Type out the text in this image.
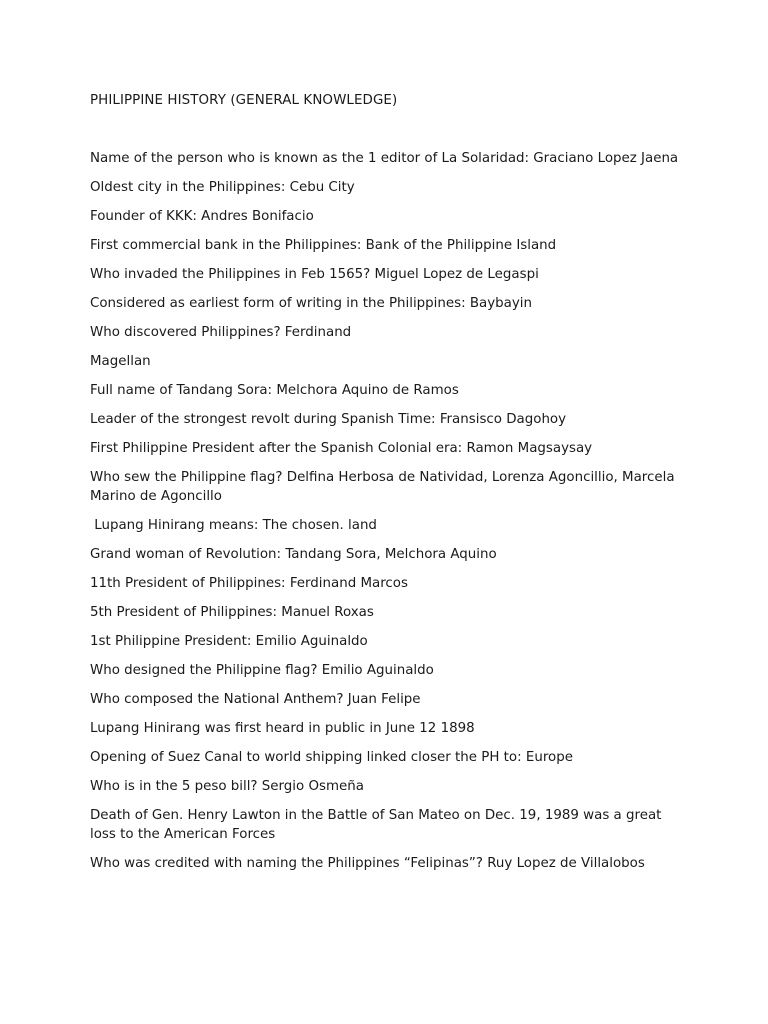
PHILIPPINE HISTORY (GENERAL KNOWLEDGE)

Name of the person who is known as the 1 editor of La Solaridad: Graciano Lopez Jaena

Oldest city in the Philippines: Cebu City

Founder of KKK: Andres Bonifacio

First commercial bank in the Philippines: Bank of the Philippine Island

Who invaded the Philippines in Feb 1565? Miguel Lopez de Legaspi

Considered as earliest form of writing in the Philippines: Baybayin

Who discovered Philippines? Ferdinand

Magellan

Full name of Tandang Sora: Melchora Aquino de Ramos

Leader of the strongest revolt during Spanish Time: Fransisco Dagohoy

First Philippine President after the Spanish Colonial era: Ramon Magsaysay

Who sew the Philippine flag? Delfina Herbosa de Natividad, Lorenza Agoncillio, Marcela Marino de Agoncillo

Lupang Hinirang means: The chosen. land

Grand woman of Revolution: Tandang Sora, Melchora Aquino

11th President of Philippines: Ferdinand Marcos

5th President of Philippines: Manuel Roxas

1st Philippine President: Emilio Aguinaldo

Who designed the Philippine flag? Emilio Aguinaldo

Who composed the National Anthem? Juan Felipe

Lupang Hinirang was first heard in public in June 12 1898

Opening of Suez Canal to world shipping linked closer the PH to: Europe

Who is in the 5 peso bill? Sergio Osmeña

Death of Gen. Henry Lawton in the Battle of San Mateo on Dec. 19, 1989 was a great loss to the American Forces

Who was credited with naming the Philippines “Felipinas”? Ruy Lopez de Villalobos
